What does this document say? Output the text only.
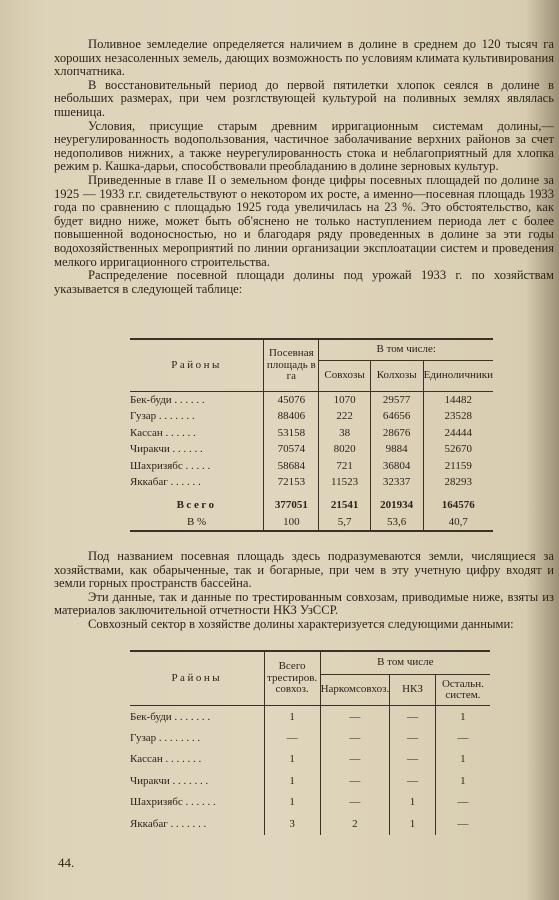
Поливное земледелие определяется наличием в долине в среднем до 120 тысяч га хороших незасоленных земель, дающих возможность по условиям климата культивирования хлопчатника.

В восстановительный период до первой пятилетки хлопок сеялся в долине в небольших размерах, при чем розглствующей культурой на поливных землях являлась пшеница.

Условия, присущие старым древним ирригационным системам долины,— неурегулированность водопользования, частичное заболачивание верхних районов за счет недополивов нижних, а также неурегулированность стока и неблагоприятный для хлопка режим р. Кашка-дарьи, способствовали преобладанию в долине зерновых культур.

Приведенные в главе II о земельном фонде цифры посевных площадей по долине за 1925 — 1933 г.г. свидетельствуют о некотором их росте, а именно—посевная площадь 1933 года по сравнению с площадью 1925 года увеличилась на 23 %. Это обстоятельство, как будет видно ниже, может быть об'яснено не только наступлением периода лет с более повышенной водоносностью, но и благодаря ряду проведенных в долине за эти годы водохозяйственных мероприятий по линии организации эксплоатации систем и проведения мелкого ирригационного строительства.

Распределение посевной площади долины под урожай 1933 г. по хозяйствам указывается в следующей таблице:

Районы	Посевная площадь в га	В том числе:		
		Совхозы	Колхозы	Единоличники
Бек-буди . . . . . .	45076	1070	29577	14482
Гузар . . . . . . .	88406	222	64656	23528
Кассан . . . . . .	53158	38	28676	24444
Чиракчи . . . . . .	70574	8020	9884	52670
Шахризябс . . . . .	58684	721	36804	21159
Яккабаг . . . . . .	72153	11523	32337	28293

Всего	377051	21541	201934	164576
В %	100	5,7	53,6	40,7

Под названием посевная площадь здесь подразумеваются земли, числящиеся за хозяйствами, как обарыченные, так и богарные, при чем в эту учетную цифру входят и земли горных пространств бассейна.

Эти данные, так и данные по трестированным совхозам, приводимые ниже, взяты из материалов заключительной отчетности НКЗ УзССР.

Совхозный сектор в хозяйстве долины характеризуется следующими данными:

Районы	Всего трестиров. совхоз.	В том числе		
		Наркомсовхоз.	НКЗ	Остальн. систем.
Бек-буди . . . . . . .	1	—	—	1
Гузар . . . . . . . .	—	—	—	—
Кассан . . . . . . .	1	—	—	1
Чиракчи . . . . . . .	1	—	—	1
Шахризябс . . . . . .	1	—	1	—
Яккабаг . . . . . . .	3	2	1	—
44.
